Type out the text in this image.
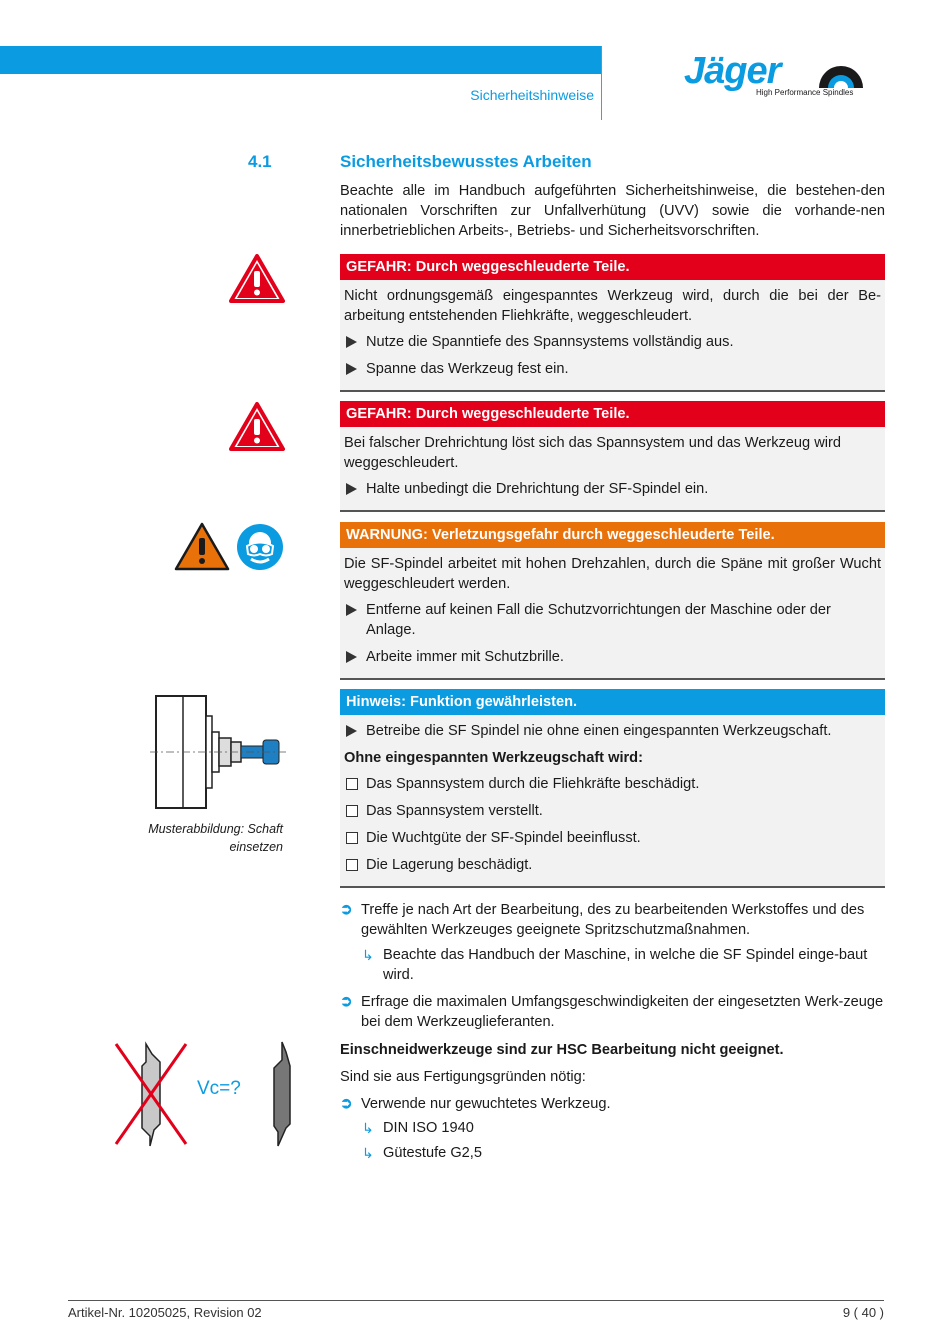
Sicherheitshinweise
Jäger
High Performance Spindles
4.1	Sicherheitsbewusstes Arbeiten
Beachte alle im Handbuch aufgeführten Sicherheitshinweise, die bestehen-den nationalen Vorschriften zur Unfallverhütung (UVV) sowie die vorhande-nen innerbetrieblichen Arbeits-, Betriebs- und Sicherheitsvorschriften.
GEFAHR: Durch weggeschleuderte Teile.

Nicht ordnungsgemäß eingespanntes Werkzeug wird, durch die bei der Be-arbeitung entstehenden Fliehkräfte, weggeschleudert.

Nutze die Spanntiefe des Spannsystems vollständig aus.
Spanne das Werkzeug fest ein.
GEFAHR: Durch weggeschleuderte Teile.

Bei falscher Drehrichtung löst sich das Spannsystem und das Werkzeug wird weggeschleudert.

Halte unbedingt die Drehrichtung der SF-Spindel ein.
WARNUNG: Verletzungsgefahr durch weggeschleuderte Teile.

Die SF-Spindel arbeitet mit hohen Drehzahlen, durch die Späne mit großer Wucht weggeschleudert werden.

Entferne auf keinen Fall die Schutzvorrichtungen der Maschine oder der Anlage.
Arbeite immer mit Schutzbrille.
Musterabbildung: Schaft einsetzen
Hinweis: Funktion gewährleisten.
Betreibe die SF Spindel nie ohne einen eingespannten Werkzeugschaft.

Ohne eingespannten Werkzeugschaft wird:

Das Spannsystem durch die Fliehkräfte beschädigt.
Das Spannsystem verstellt.
Die Wuchtgüte der SF-Spindel beeinflusst.
Die Lagerung beschädigt.
➲ Treffe je nach Art der Bearbeitung, des zu bearbeitenden Werkstoffes und des gewählten Werkzeuges geeignete Spritzschutzmaßnahmen.
↳ Beachte das Handbuch der Maschine, in welche die SF Spindel einge-baut wird.
➲ Erfrage die maximalen Umfangsgeschwindigkeiten der eingesetzten Werk-zeuge bei dem Werkzeuglieferanten.
Einschneidwerkzeuge sind zur HSC Bearbeitung nicht geeignet.
Sind sie aus Fertigungsgründen nötig:
➲ Verwende nur gewuchtetes Werkzeug.
↳ DIN ISO 1940
↳ Gütestufe G2,5
Vc=?
Artikel-Nr. 10205025, Revision 02	9 ( 40 )
